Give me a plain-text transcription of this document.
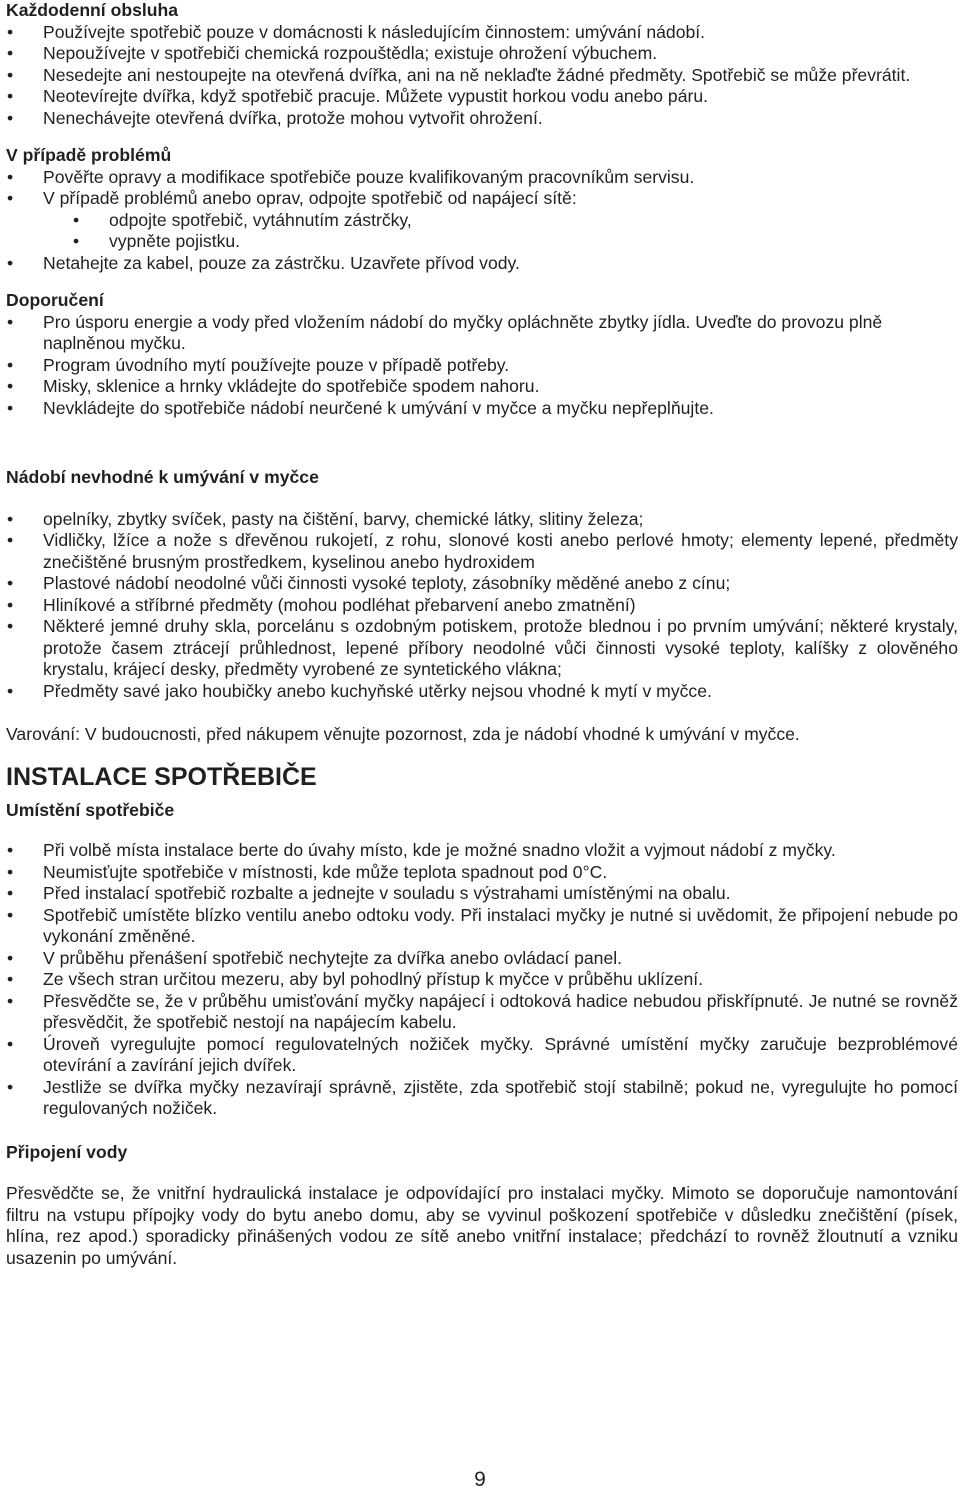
Každodenní obsluha
• Používejte spotřebič pouze v domácnosti k následujícím činnostem: umývání nádobí.
• Nepoužívejte v spotřebiči chemická rozpouštědla; existuje ohrožení výbuchem.
• Nesedejte ani nestoupejte na otevřená dvířka, ani na ně neklaďte žádné předměty. Spotřebič se může převrátit.
• Neotevírejte dvířka, když spotřebič pracuje. Můžete vypustit horkou vodu anebo páru.
• Nenechávejte otevřená dvířka, protože mohou vytvořit ohrožení.
V případě problémů
• Pověřte opravy a modifikace spotřebiče pouze kvalifikovaným pracovníkům servisu.
• V případě problémů anebo oprav, odpojte spotřebič od napájecí sítě:
• odpojte spotřebič, vytáhnutím zástrčky,
• vypněte pojistku.
• Netahejte za kabel, pouze za zástrčku. Uzavřete přívod vody.
Doporučení
• Pro úsporu energie a vody před vložením nádobí do myčky opláchněte zbytky jídla. Uveďte do provozu plně naplněnou myčku.
• Program úvodního mytí používejte pouze v případě potřeby.
• Misky, sklenice a hrnky vkládejte do spotřebiče spodem nahoru.
• Nevkládejte do spotřebiče nádobí neurčené k umývání v myčce a myčku nepřeplňujte.
Nádobí nevhodné k umývání v myčce
• opelníky, zbytky svíček, pasty na čištění, barvy, chemické látky, slitiny železa;
• Vidličky, lžíce a nože s dřevěnou rukojetí, z rohu, slonové kosti anebo perlové hmoty; elementy lepené, předměty znečištěné brusným prostředkem, kyselinou anebo hydroxidem
• Plastové nádobí neodolné vůči činnosti vysoké teploty, zásobníky měděné anebo z cínu;
• Hliníkové a stříbrné předměty (mohou podléhat přebarvení anebo zmatnění)
• Některé jemné druhy skla, porcelánu s ozdobným potiskem, protože blednou i po prvním umývání; některé krystaly, protože časem ztrácejí průhlednost, lepené příbory neodolné vůči činnosti vysoké teploty, kalíšky z olověného krystalu, krájecí desky, předměty vyrobené ze syntetického vlákna;
• Předměty savé jako houbičky anebo kuchyňské utěrky nejsou vhodné k mytí v myčce.

Varování: V budoucnosti, před nákupem věnujte pozornost, zda je nádobí vhodné k umývání v myčce.

INSTALACE SPOTŘEBIČE
Umístění spotřebiče
• Při volbě místa instalace berte do úvahy místo, kde je možné snadno vložit a vyjmout nádobí z myčky.
• Neumisťujte spotřebiče v místnosti, kde může teplota spadnout pod 0°C.
• Před instalací spotřebič rozbalte a jednejte v souladu s výstrahami umístěnými na obalu.
• Spotřebič umístěte blízko ventilu anebo odtoku vody. Při instalaci myčky je nutné si uvědomit, že připojení nebude po vykonání změněné.
• V průběhu přenášení spotřebič nechytejte za dvířka anebo ovládací panel.
• Ze všech stran určitou mezeru, aby byl pohodlný přístup k myčce v průběhu uklízení.
• Přesvědčte se, že v průběhu umisťování myčky napájecí i odtoková hadice nebudou přiskřípnuté. Je nutné se rovněž přesvědčit, že spotřebič nestojí na napájecím kabelu.
• Úroveň vyregulujte pomocí regulovatelných nožiček myčky. Správné umístění myčky zaručuje bezproblémové otevírání a zavírání jejich dvířek.
• Jestliže se dvířka myčky nezavírají správně, zjistěte, zda spotřebič stojí stabilně; pokud ne, vyregulujte ho pomocí regulovaných nožiček.
Připojení vody

Přesvědčte se, že vnitřní hydraulická instalace je odpovídající pro instalaci myčky. Mimoto se doporučuje namontování filtru na vstupu přípojky vody do bytu anebo domu, aby se vyvinul poškození spotřebiče v důsledku znečištění (písek, hlína, rez apod.) sporadicky přinášených vodou ze sítě anebo vnitřní instalace; předchází to rovněž žloutnutí a vzniku usazenin po umývání.

9
